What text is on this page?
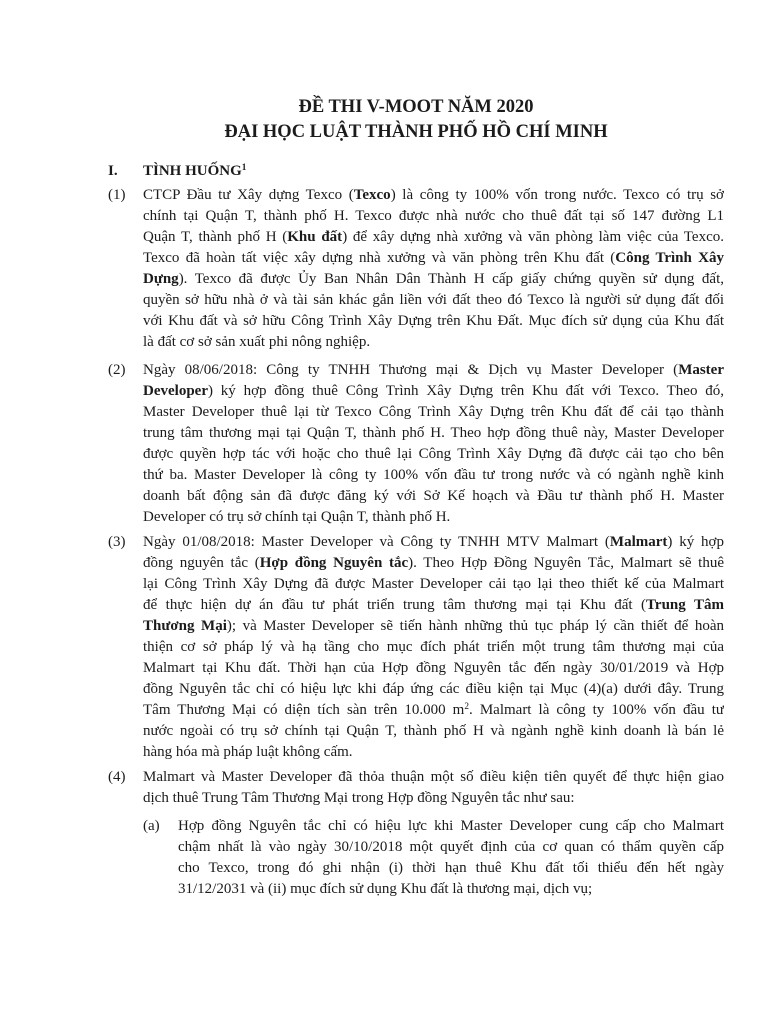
ĐỀ THI V-MOOT NĂM 2020
ĐẠI HỌC LUẬT THÀNH PHỐ HỒ CHÍ MINH
I. TÌNH HUỐNG$^1$
(1) CTCP Đầu tư Xây dựng Texco (Texco) là công ty 100% vốn trong nước. Texco có trụ sở
chính tại Quận T, thành phố H. Texco được nhà nước cho thuê đất tại số 147 đường L1
Quận T, thành phố H (Khu đất) để xây dựng nhà xưởng và văn phòng làm việc của Texco.
Texco đã hoàn tất việc xây dựng nhà xưởng và văn phòng trên Khu đất (Công Trình Xây
Dựng). Texco đã được Ủy Ban Nhân Dân Thành H cấp giấy chứng quyền sử dụng đất,
quyền sở hữu nhà ở và tài sản khác gắn liền với đất theo đó Texco là người sử dụng đất đối
với Khu đất và sở hữu Công Trình Xây Dựng trên Khu Đất. Mục đích sử dụng của Khu đất
là đất cơ sở sản xuất phi nông nghiệp.
(2) Ngày 08/06/2018: Công ty TNHH Thương mại & Dịch vụ Master Developer (Master
Developer) ký hợp đồng thuê Công Trình Xây Dựng trên Khu đất với Texco. Theo đó,
Master Developer thuê lại từ Texco Công Trình Xây Dựng trên Khu đất để cải tạo thành
trung tâm thương mại tại Quận T, thành phố H. Theo hợp đồng thuê này, Master Developer
được quyền hợp tác với hoặc cho thuê lại Công Trình Xây Dựng đã được cải tạo cho bên
thứ ba. Master Developer là công ty 100% vốn đầu tư trong nước và có ngành nghề kinh
doanh bất động sản đã được đăng ký với Sở Kế hoạch và Đầu tư thành phố H. Master
Developer có trụ sở chính tại Quận T, thành phố H.
(3) Ngày 01/08/2018: Master Developer và Công ty TNHH MTV Malmart (Malmart) ký hợp
đồng nguyên tắc (Hợp đồng Nguyên tắc). Theo Hợp Đồng Nguyên Tắc, Malmart sẽ thuê
lại Công Trình Xây Dựng đã được Master Developer cải tạo lại theo thiết kế của Malmart
để thực hiện dự án đầu tư phát triển trung tâm thương mại tại Khu đất (Trung Tâm
Thương Mại); và Master Developer sẽ tiến hành những thủ tục pháp lý cần thiết để hoàn
thiện cơ sở pháp lý và hạ tầng cho mục đích phát triển một trung tâm thương mại của
Malmart tại Khu đất. Thời hạn của Hợp đồng Nguyên tắc đến ngày 30/01/2019 và Hợp
đồng Nguyên tắc chỉ có hiệu lực khi đáp ứng các điều kiện tại Mục (4)(a) dưới đây. Trung
Tâm Thương Mại có diện tích sàn trên 10.000 $m^2$. Malmart là công ty 100% vốn đầu tư
nước ngoài có trụ sở chính tại Quận T, thành phố H và ngành nghề kinh doanh là bán lẻ
hàng hóa mà pháp luật không cấm.
(4) Malmart và Master Developer đã thỏa thuận một số điều kiện tiên quyết để thực hiện giao
dịch thuê Trung Tâm Thương Mại trong Hợp đồng Nguyên tắc như sau:
(a) Hợp đồng Nguyên tắc chỉ có hiệu lực khi Master Developer cung cấp cho Malmart
chậm nhất là vào ngày 30/10/2018 một quyết định của cơ quan có thẩm quyền cấp
cho Texco, trong đó ghi nhận (i) thời hạn thuê Khu đất tối thiểu đến hết ngày
31/12/2031 và (ii) mục đích sử dụng Khu đất là thương mại, dịch vụ;
